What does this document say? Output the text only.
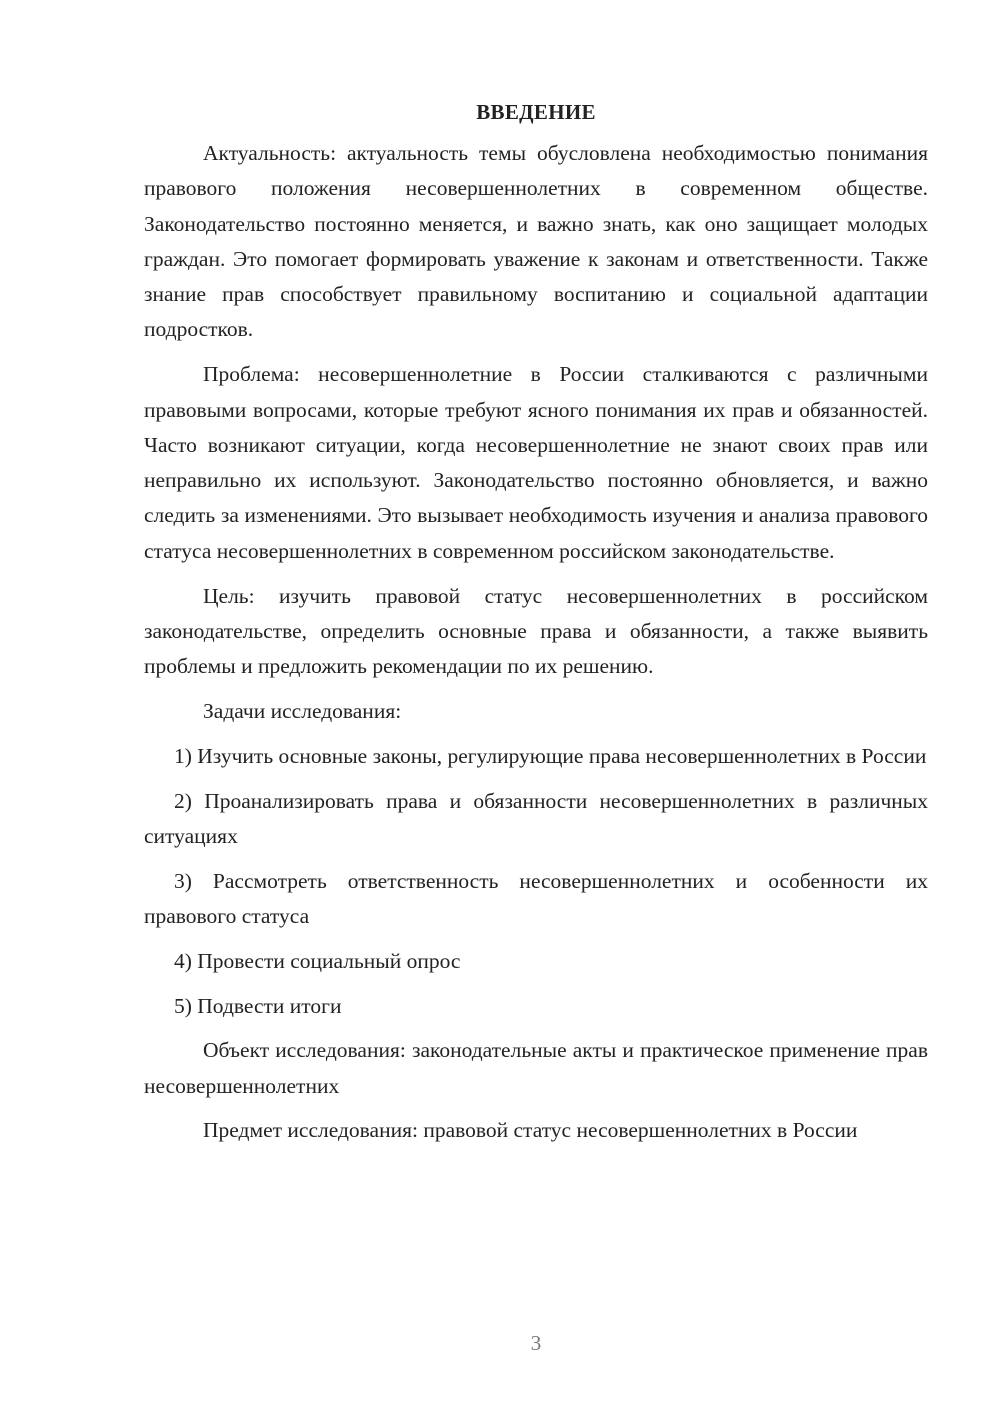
ВВЕДЕНИЕ

Актуальность: актуальность темы обусловлена необходимостью понимания правового положения несовершеннолетних в современном обществе. Законодательство постоянно меняется, и важно знать, как оно защищает молодых граждан. Это помогает формировать уважение к законам и ответственности. Также знание прав способствует правильному воспитанию и социальной адаптации подростков.

Проблема: несовершеннолетние в России сталкиваются с различными правовыми вопросами, которые требуют ясного понимания их прав и обязанностей. Часто возникают ситуации, когда несовершеннолетние не знают своих прав или неправильно их используют. Законодательство постоянно обновляется, и важно следить за изменениями. Это вызывает необходимость изучения и анализа правового статуса несовершеннолетних в современном российском законодательстве.

Цель: изучить правовой статус несовершеннолетних в российском законодательстве, определить основные права и обязанности, а также выявить проблемы и предложить рекомендации по их решению.

Задачи исследования:

1) Изучить основные законы, регулирующие права несовершеннолетних в России

2) Проанализировать права и обязанности несовершеннолетних в различных ситуациях

3) Рассмотреть ответственность несовершеннолетних и особенности их правового статуса

4) Провести социальный опрос

5) Подвести итоги

Объект исследования: законодательные акты и практическое применение прав несовершеннолетних

Предмет исследования: правовой статус несовершеннолетних в России

3
